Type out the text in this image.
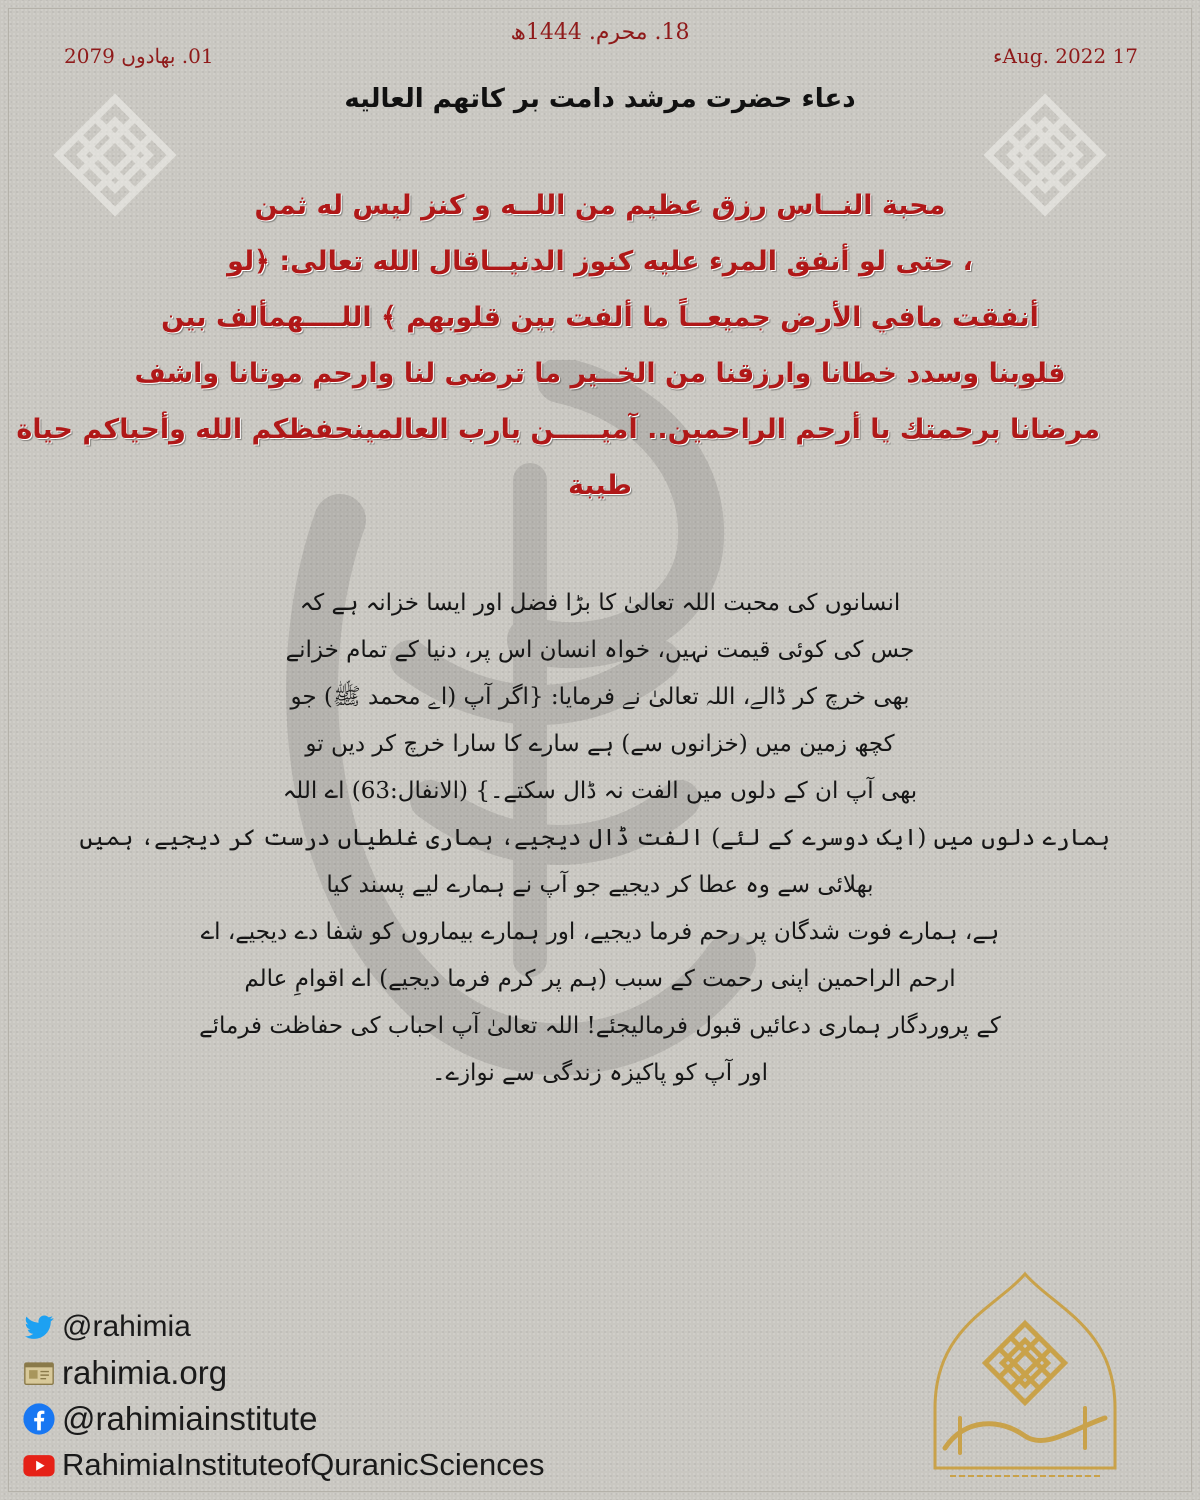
18. محرم. 1444ھ
17 Aug. 2022ء
01. بھادوں 2079
دعاء حضرت مرشد دامت بر کاتهم العالیه
محبة النــاس رزق عظيم من اللــه و كنز ليس له ثمن
، حتى لو أنفق المرء عليه كنوز الدنيــاقال الله تعالى: ﴿لو
أنفقت مافي الأرض جميعــاً ما ألفت بين قلوبهم ﴾ اللــــهمألف بين
قلوبنا وسدد خطانا وارزقنا من الخــير ما ترضى لنا وارحم موتانا واشف
مرضانا برحمتك يا أرحم الراحمين.. آميـــــن يارب العالمينحفظكم الله وأحياكم حياة
طيبة
انسانوں کی محبت اللہ تعالیٰ کا بڑا فضل اور ایسا خزانہ ہے کہ
جس کی کوئی قیمت نہیں، خواہ انسان اس پر، دنیا کے تمام خزانے
بھی خرچ کر ڈالے، اللہ تعالیٰ نے فرمایا: {اگر آپ (اے محمد ﷺ) جو
کچھ زمین میں (خزانوں سے) ہے سارے کا سارا خرچ کر دیں تو
بھی آپ ان کے دلوں میں الفت نہ ڈال سکتے۔} (الانفال:63) اے اللہ
ہمارے دلوں میں (ایک دوسرے کے لئے) الفت ڈال دیجیے، ہماری غلطیاں درست کر دیجیے، ہمیں
بھلائی سے وہ عطا کر دیجیے جو آپ نے ہمارے لیے پسند کیا
ہے، ہمارے فوت شدگان پر رحم فرما دیجیے، اور ہمارے بیماروں کو شفا دے دیجیے، اے
ارحم الراحمین اپنی رحمت کے سبب (ہم پر کرم فرما دیجیے) اے اقوامِ عالم
کے پروردگار ہماری دعائیں قبول فرمالیجئے! اللہ تعالیٰ آپ احباب کی حفاظت فرمائے
اور آپ کو پاکیزہ زندگی سے نوازے۔
@rahimia
rahimia.org
@rahimiainstitute
RahimiaInstituteofQuranicSciences
